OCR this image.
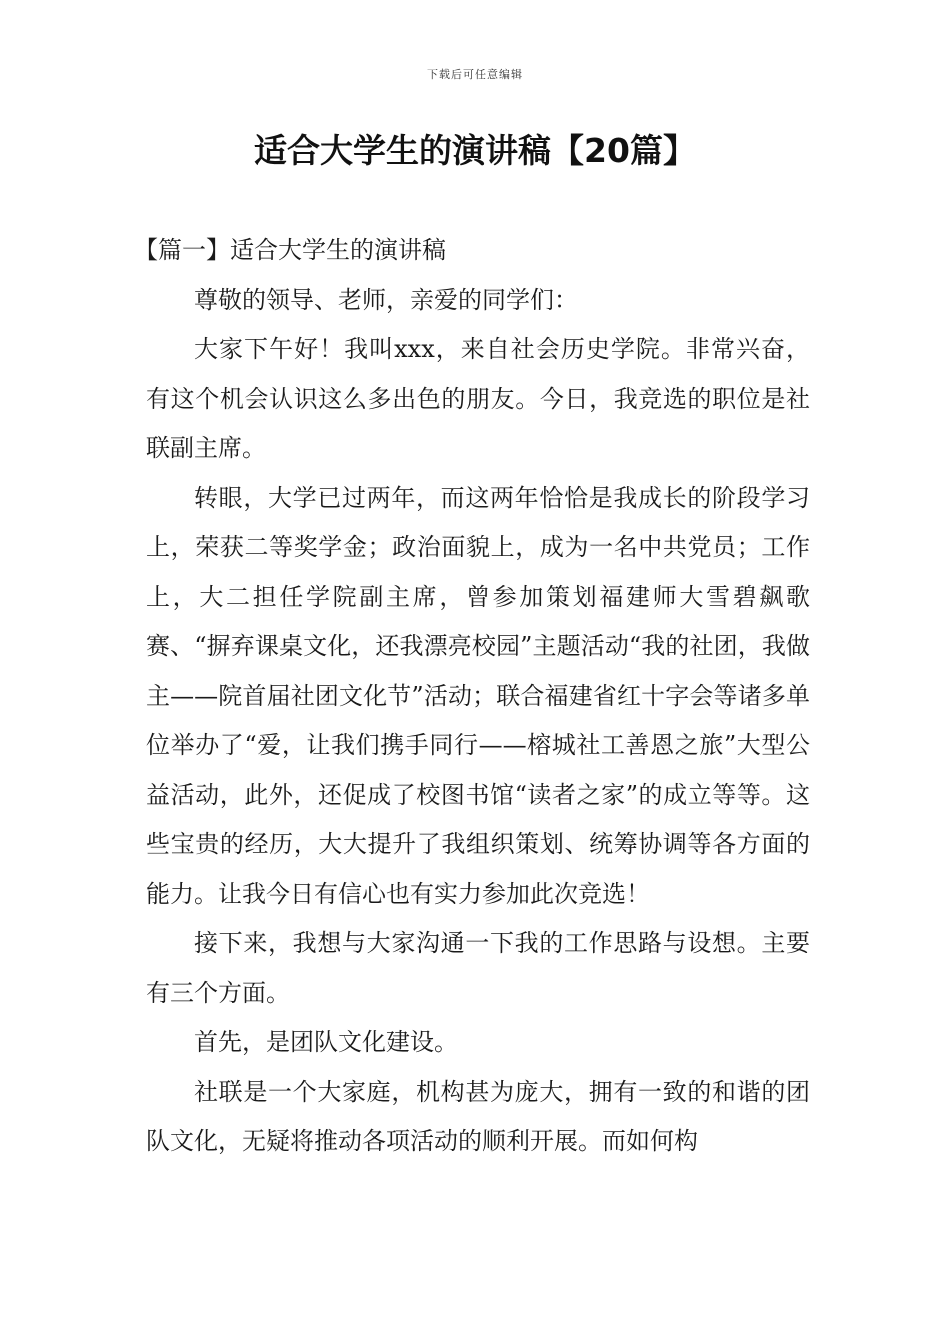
下载后可任意编辑
适合大学生的演讲稿【20篇】

【篇一】适合大学生的演讲稿

尊敬的领导、老师，亲爱的同学们：

大家下午好！我叫xxx，来自社会历史学院。非常兴奋，有这个机会认识这么多出色的朋友。今日，我竞选的职位是社联副主席。

转眼，大学已过两年，而这两年恰恰是我成长的阶段学习上，荣获二等奖学金；政治面貌上，成为一名中共党员；工作上，大二担任学院副主席，曾参加策划福建师大雪碧飙歌赛、“摒弃课桌文化，还我漂亮校园”主题活动“我的社团，我做主——院首届社团文化节”活动；联合福建省红十字会等诸多单位举办了“爱，让我们携手同行——榕城社工善恩之旅”大型公益活动，此外，还促成了校图书馆“读者之家”的成立等等。这些宝贵的经历，大大提升了我组织策划、统筹协调等各方面的能力。让我今日有信心也有实力参加此次竞选！

接下来，我想与大家沟通一下我的工作思路与设想。主要有三个方面。

首先，是团队文化建设。

社联是一个大家庭，机构甚为庞大，拥有一致的和谐的团队文化，无疑将推动各项活动的顺利开展。而如何构
